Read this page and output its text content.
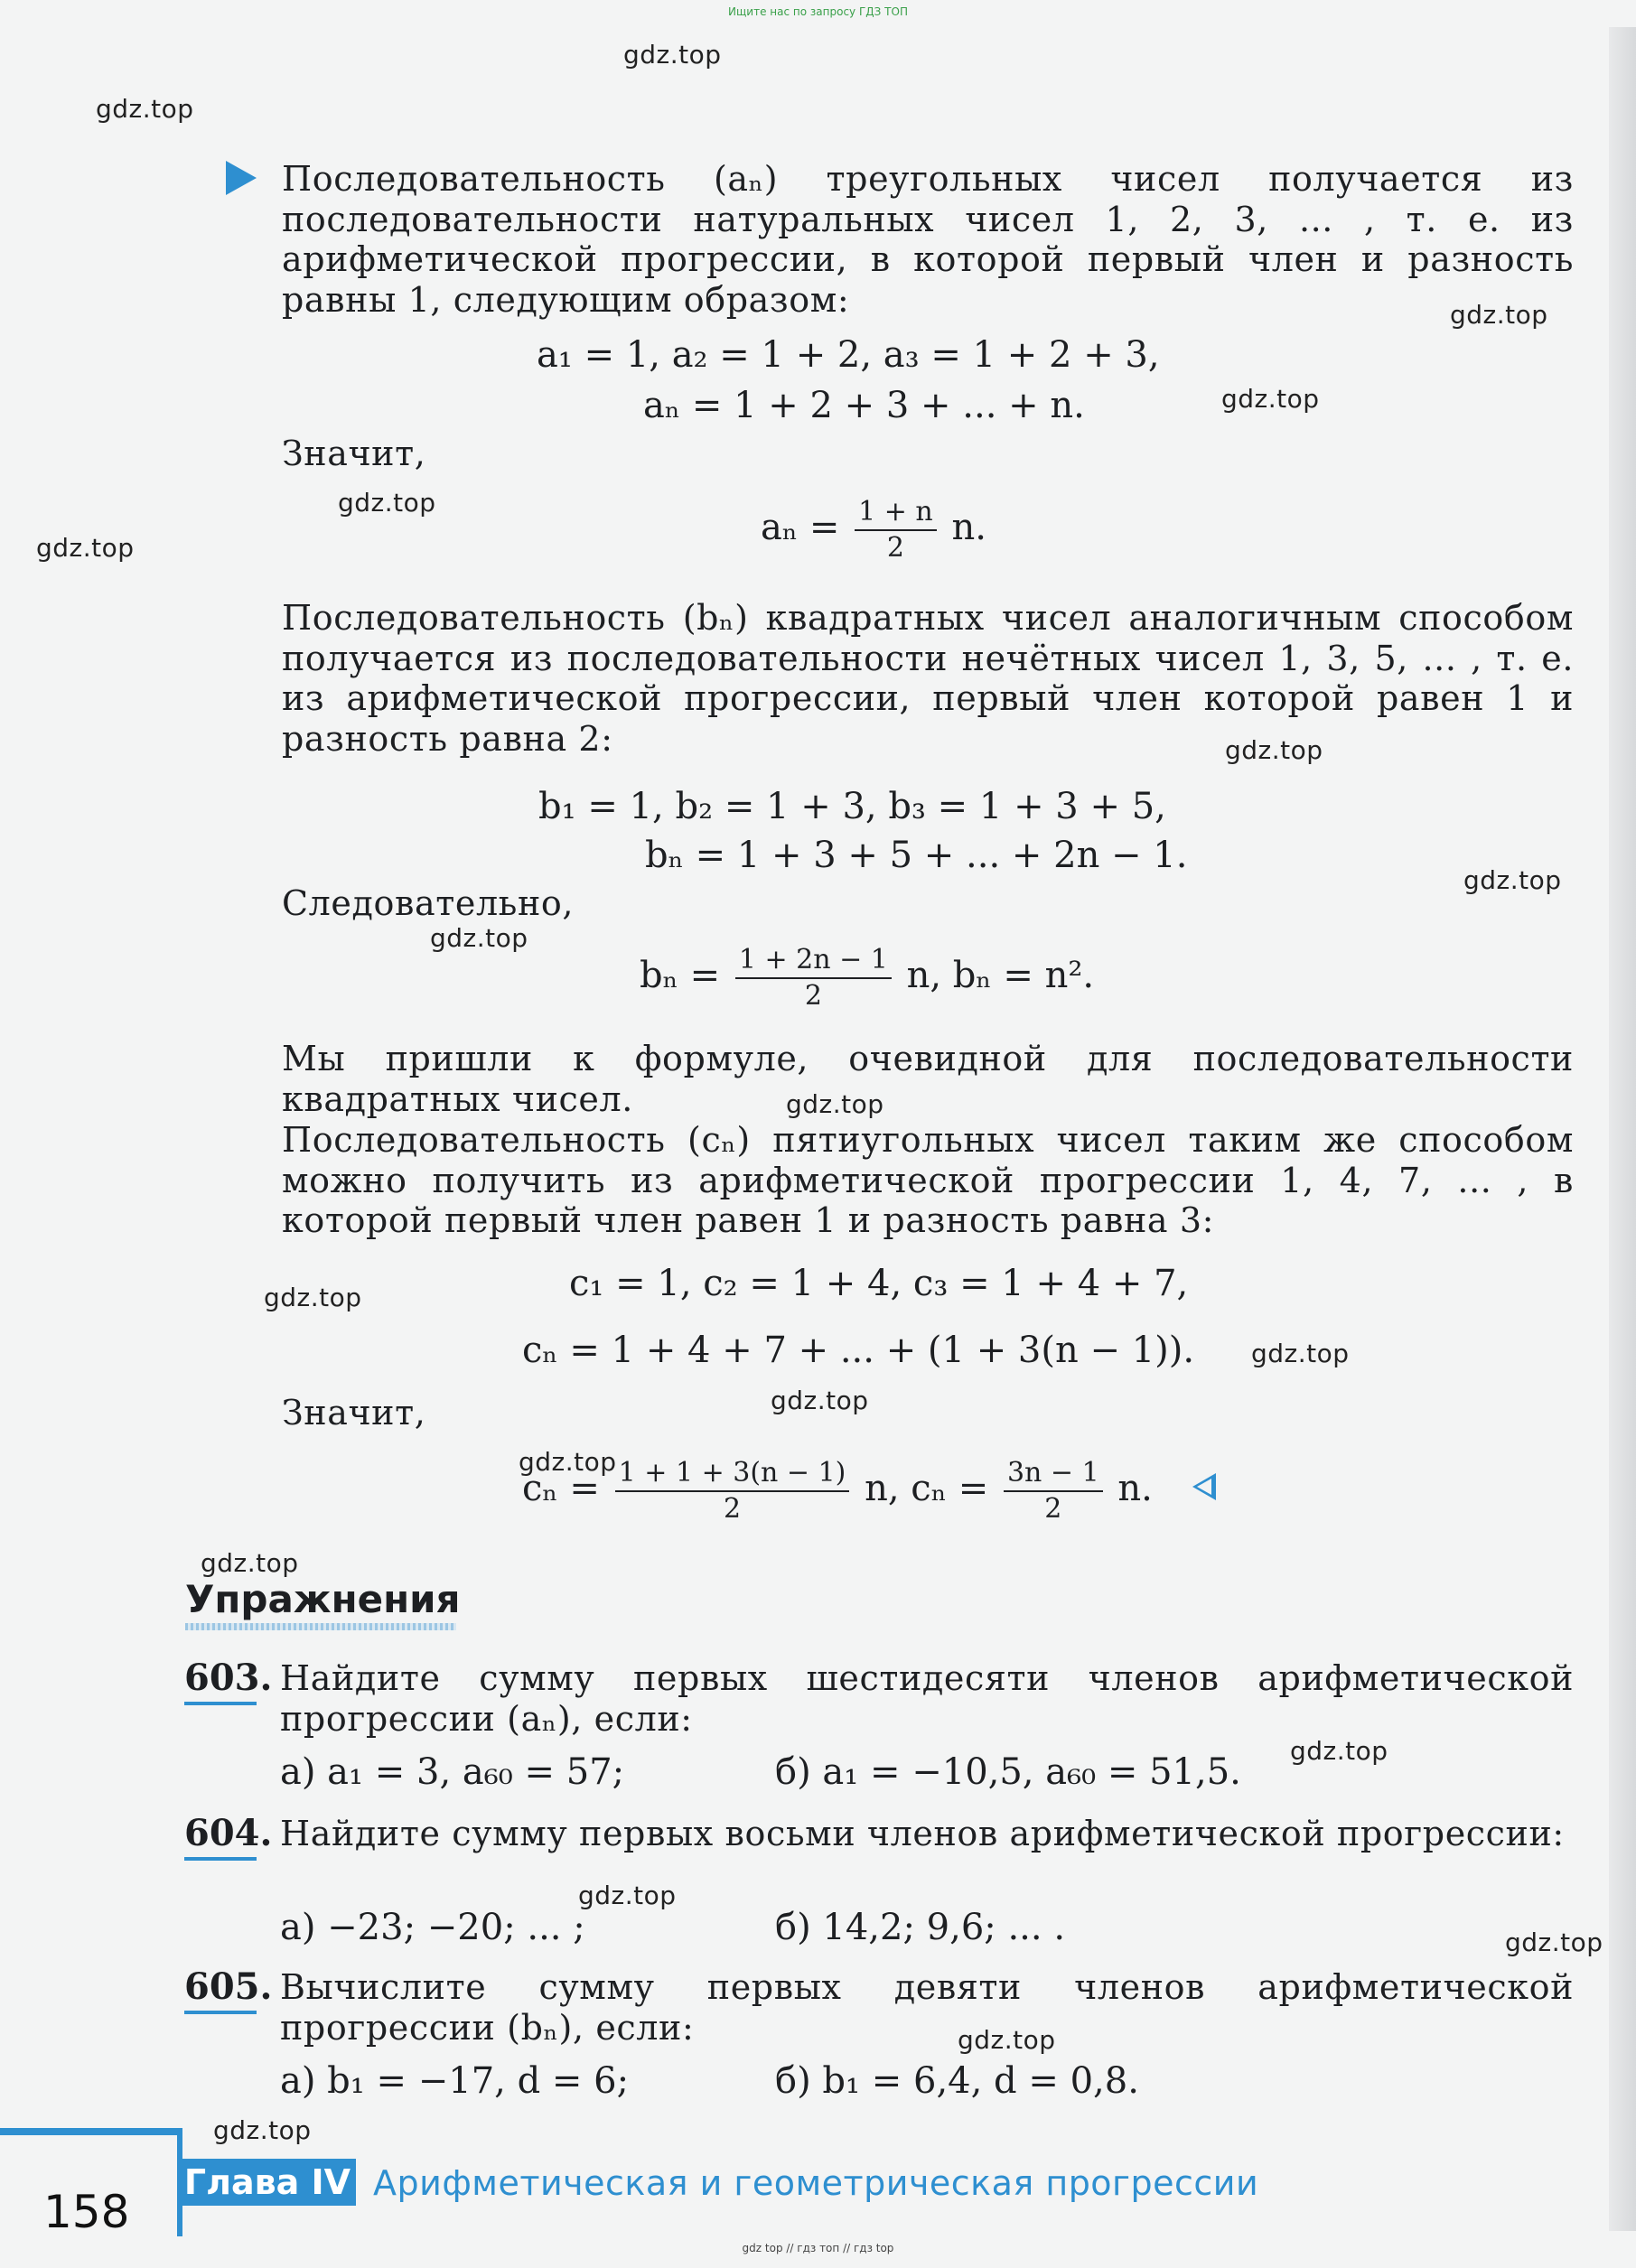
Ищите нас по запросу ГДЗ ТОП
gdz.top
gdz.top
gdz.top
gdz.top
gdz.top
gdz.top
gdz.top
gdz.top
gdz.top
gdz.top
gdz.top
gdz.top
gdz.top
gdz.top
gdz.top
gdz.top
gdz.top
gdz.top
gdz.top
gdz.top
Последовательность (aₙ) треугольных чисел получается из последовательности натуральных чисел 1, 2, 3, ... , т. е. из арифметической прогрессии, в которой первый член и разность равны 1, следующим образом:
a₁ = 1, a₂ = 1 + 2, a₃ = 1 + 2 + 3,
aₙ = 1 + 2 + 3 + ... + n.
Значит,
$a_n = \frac{1 + n}{2} n$.
Последовательность (bₙ) квадратных чисел аналогичным способом получается из последовательности нечётных чисел 1, 3, 5, ... , т. е. из арифметической прогрессии, первый член которой равен 1 и разность равна 2:
b₁ = 1, b₂ = 1 + 3, b₃ = 1 + 3 + 5,
bₙ = 1 + 3 + 5 + ... + 2n − 1.
Следовательно,
$b_n = \frac{1 + 2n - 1}{2} n$, bₙ = n².
Мы пришли к формуле, очевидной для последовательности квадратных чисел.
Последовательность (cₙ) пятиугольных чисел таким же способом можно получить из арифметической прогрессии 1, 4, 7, ... , в которой первый член равен 1 и разность равна 3:
c₁ = 1, c₂ = 1 + 4, c₃ = 1 + 4 + 7,
cₙ = 1 + 4 + 7 + ... + (1 + 3(n − 1)).
Значит,
$c_n = \frac{1 + 1 + 3(n - 1)}{2} n$, $c_n = \frac{3n - 1}{2} n$.
Упражнения
603. Найдите сумму первых шестидесяти членов арифметической прогрессии (aₙ), если:
а) a₁ = 3, a₆₀ = 57;	б) a₁ = −10,5, a₆₀ = 51,5.
604. Найдите сумму первых восьми членов арифметической прогрессии:
а) −23; −20; ... ;	б) 14,2; 9,6; ... .
605. Вычислите сумму первых девяти членов арифметической прогрессии (bₙ), если:
а) b₁ = −17, d = 6;	б) b₁ = 6,4, d = 0,8.
158
Глава IV Арифметическая и геометрическая прогрессии
gdz top // гдз топ // гдз top
